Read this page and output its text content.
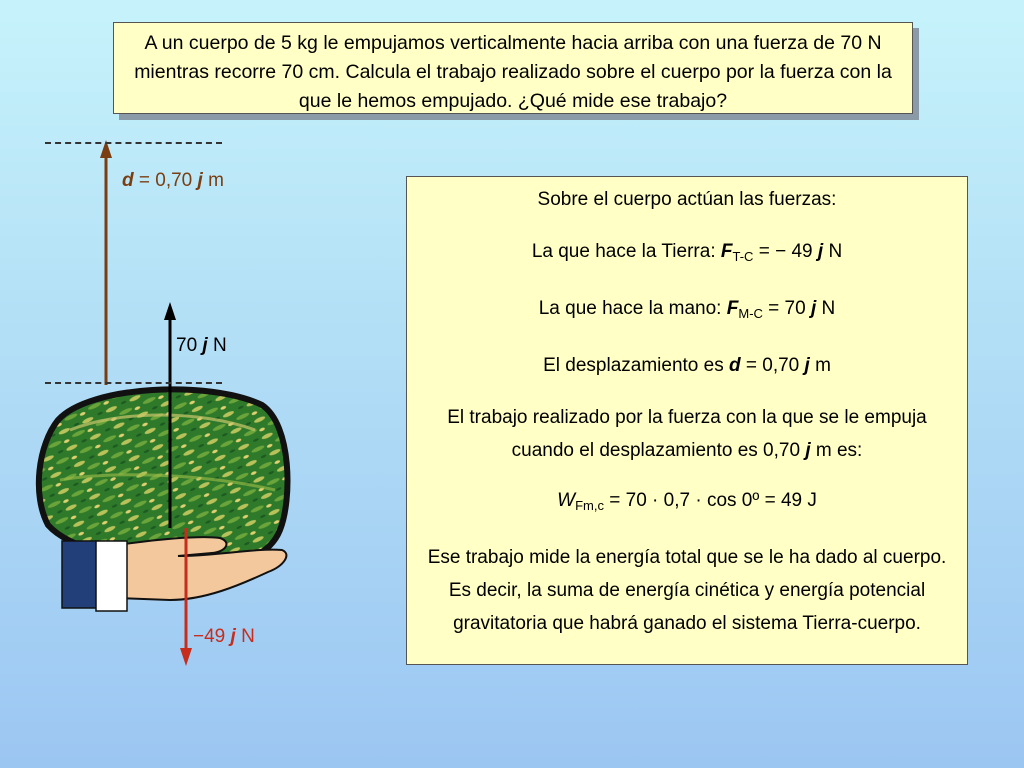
A un cuerpo de 5 kg le empujamos verticalmente hacia arriba con una fuerza de 70 N mientras recorre 70 cm. Calcula el trabajo realizado sobre el cuerpo por la fuerza con la que le hemos empujado. ¿Qué mide ese trabajo?
d = 0,70 j m
70 j N
−49 j N

Sobre el cuerpo actúan las fuerzas:

La que hace la Tierra: $F_{T-C}$ = − 49 j N

La que hace la mano: $F_{M-C} = 70$ j N

El desplazamiento es d = 0,70 j m

El trabajo realizado por la fuerza con la que se le empuja cuando el desplazamiento es 0,70 j m es:

$W_{Fm,c} = 70 \cdot 0,7 \cdot \cos$ 0º = 49 J

Ese trabajo mide la energía total que se le ha dado al cuerpo. Es decir, la suma de energía cinética y energía potencial gravitatoria que habrá ganado el sistema Tierra-cuerpo.
